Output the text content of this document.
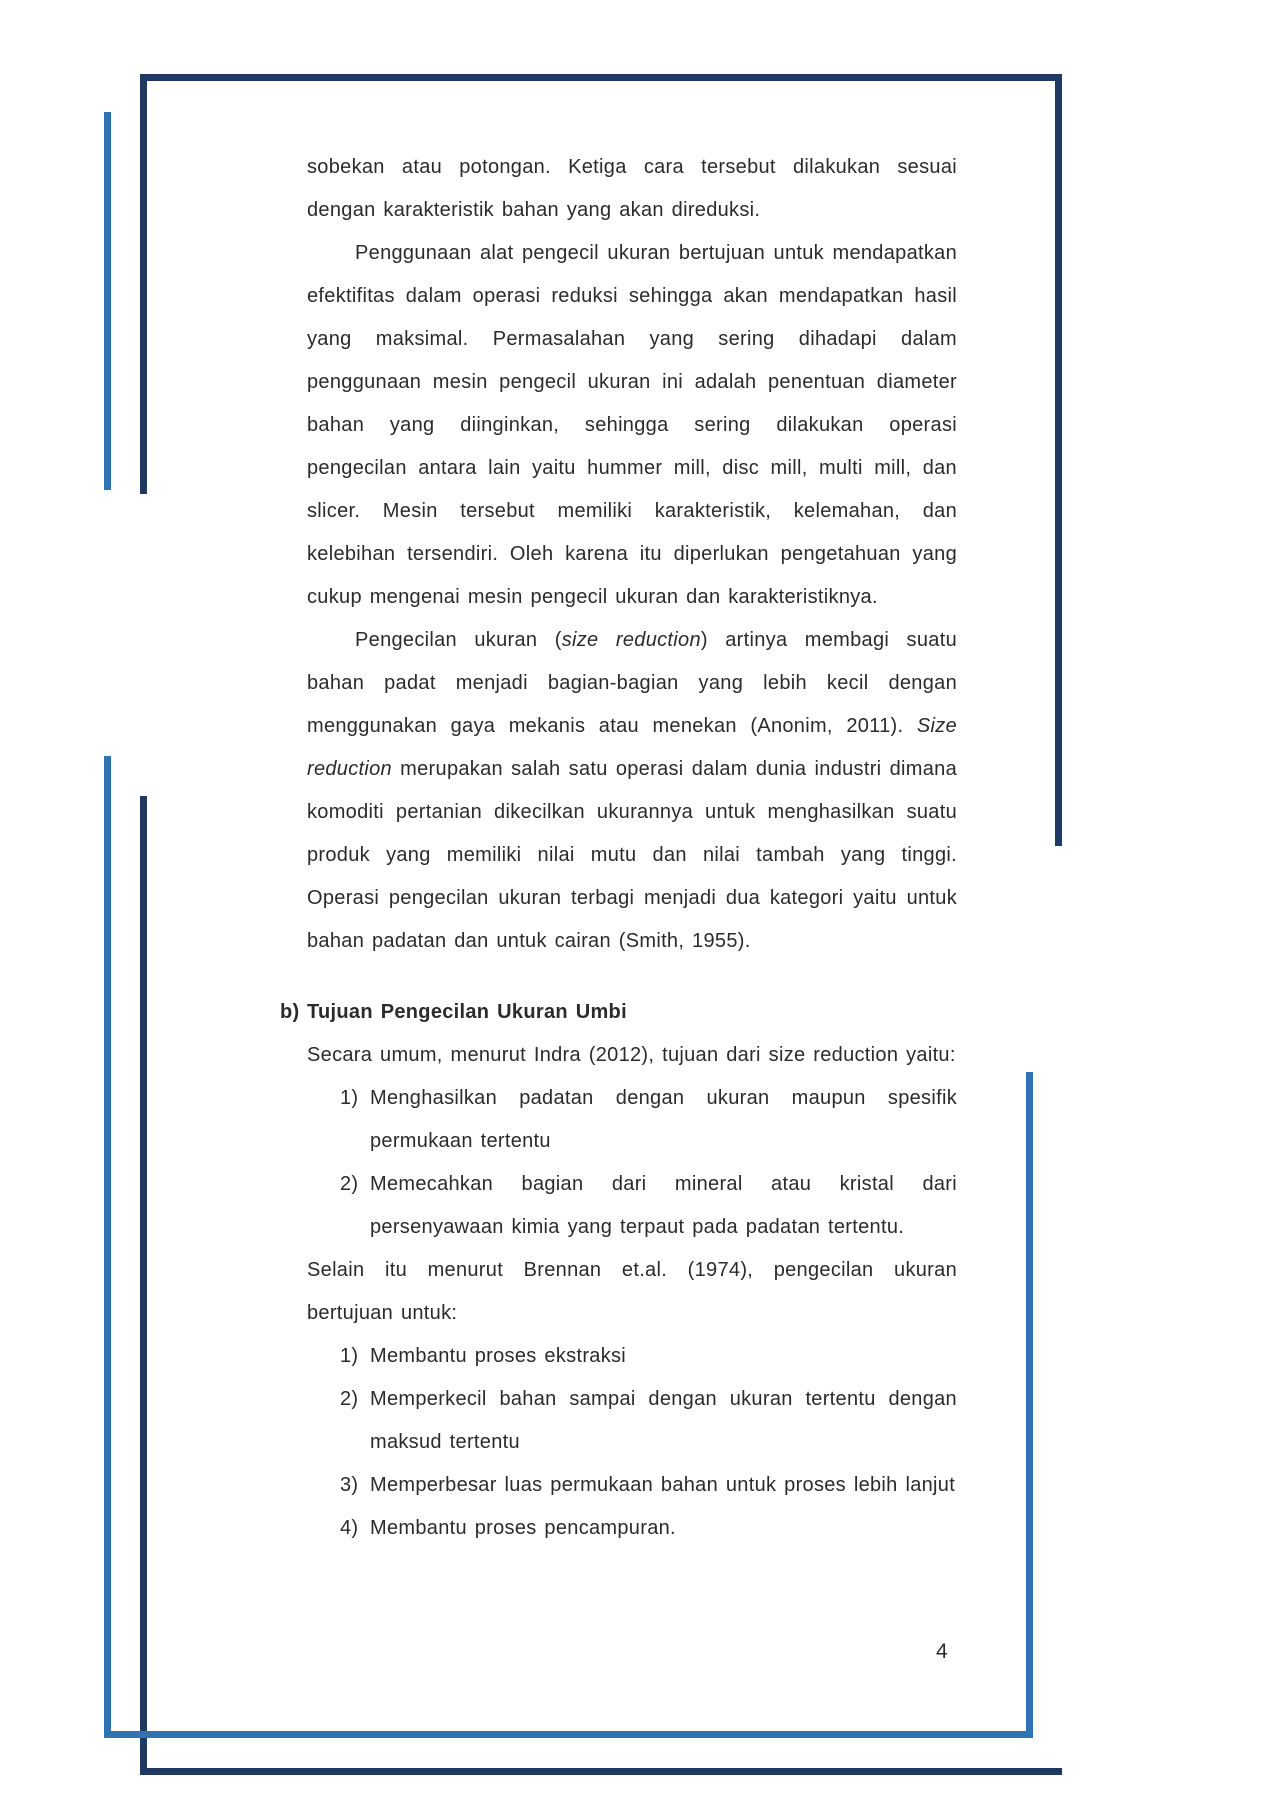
sobekan atau potongan. Ketiga cara tersebut dilakukan sesuai dengan karakteristik bahan yang akan direduksi.

Penggunaan alat pengecil ukuran bertujuan untuk mendapatkan efektifitas dalam operasi reduksi sehingga akan mendapatkan hasil yang maksimal. Permasalahan yang sering dihadapi dalam penggunaan mesin pengecil ukuran ini adalah penentuan diameter bahan yang diinginkan, sehingga sering dilakukan operasi pengecilan antara lain yaitu hummer mill, disc mill, multi mill, dan slicer. Mesin tersebut memiliki karakteristik, kelemahan, dan kelebihan tersendiri. Oleh karena itu diperlukan pengetahuan yang cukup mengenai mesin pengecil ukuran dan karakteristiknya.

Pengecilan ukuran (size reduction) artinya membagi suatu bahan padat menjadi bagian-bagian yang lebih kecil dengan menggunakan gaya mekanis atau menekan (Anonim, 2011). Size reduction merupakan salah satu operasi dalam dunia industri dimana komoditi pertanian dikecilkan ukurannya untuk menghasilkan suatu produk yang memiliki nilai mutu dan nilai tambah yang tinggi. Operasi pengecilan ukuran terbagi menjadi dua kategori yaitu untuk bahan padatan dan untuk cairan (Smith, 1955).

b) Tujuan Pengecilan Ukuran Umbi

Secara umum, menurut Indra (2012), tujuan dari size reduction yaitu:

1) Menghasilkan padatan dengan ukuran maupun spesifik permukaan tertentu
2) Memecahkan bagian dari mineral atau kristal dari persenyawaan kimia yang terpaut pada padatan tertentu.

Selain itu menurut Brennan et.al. (1974), pengecilan ukuran bertujuan untuk:

1) Membantu proses ekstraksi
2) Memperkecil bahan sampai dengan ukuran tertentu dengan maksud tertentu
3) Memperbesar luas permukaan bahan untuk proses lebih lanjut
4) Membantu proses pencampuran.
4
